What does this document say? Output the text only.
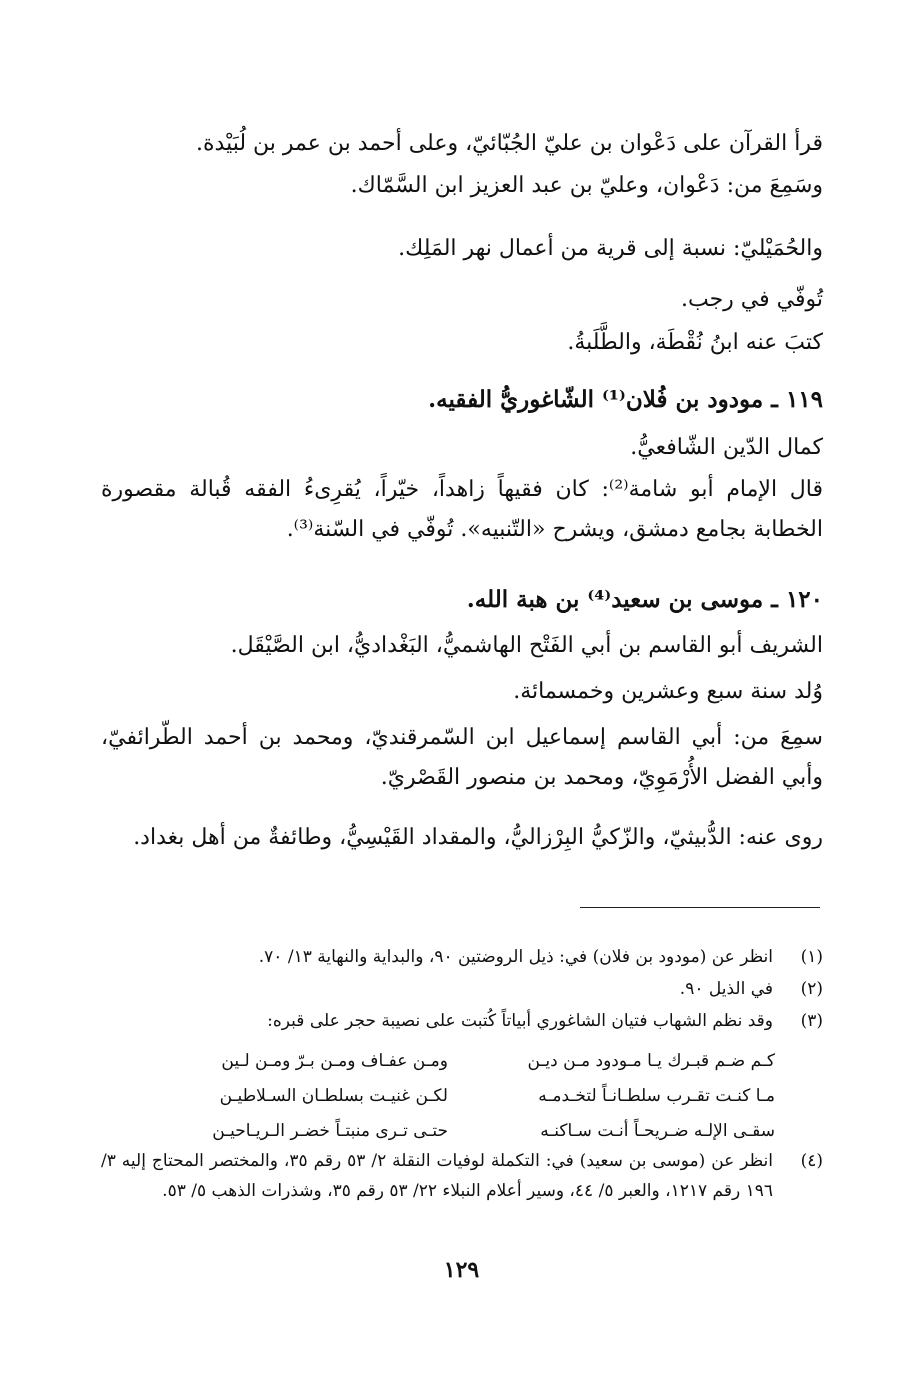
قرأ القرآن على دَعْوان بن عليّ الجُبّائيّ، وعلى أحمد بن عمر بن لُبَيْدة.
وسَمِعَ من: دَعْوان، وعليّ بن عبد العزيز ابن السَّمّاك.
والحُمَيْليّ: نسبة إلى قرية من أعمال نهر المَلِك.
تُوفّي في رجب.
كتبَ عنه ابنُ نُقْطَة، والطَّلَبةُ.
١١٩ ـ مودود بن فُلان⁽¹⁾ الشّاغوريُّ الفقيه.
كمال الدّين الشّافعيُّ.
قال الإمام أبو شامة⁽²⁾: كان فقيهاً زاهداً، خيّراً، يُقرِىءُ الفقه قُبالة مقصورة الخطابة بجامع دمشق، ويشرح «التّنبيه». تُوفّي في السّنة⁽³⁾.
١٢٠ ـ موسى بن سعيد⁽⁴⁾ بن هبة الله.
الشريف أبو القاسم بن أبي الفَتْح الهاشميُّ، البَغْداديُّ، ابن الصَّيْقَل.
وُلد سنة سبع وعشرين وخمسمائة.
سمِعَ من: أبي القاسم إسماعيل ابن السّمرقنديّ، ومحمد بن أحمد الطّرائفيّ، وأبي الفضل الأُرْمَوِيّ، ومحمد بن منصور القَصْريّ.
روى عنه: الدُّبيثيّ، والزّكيُّ البِرْزاليُّ، والمقداد القَيْسِيُّ، وطائفةٌ من أهل بغداد.
(١)
انظر عن (مودود بن فلان) في: ذيل الروضتين ٩٠، والبداية والنهاية ١٣/ ٧٠.
(٢)
في الذيل ٩٠.
(٣)
وقد نظم الشهاب فتيان الشاغوري أبياتاً كُتبت على نصيبة حجر على قبره:
كـم ضـم قبـرك يـا مـودود مـن ديـن
ومـن عفـاف ومـن بـرّ ومـن لـين
مـا كنـت تقـرب سلطـانـاً لتخـدمـه
لكـن غنيـت بسلطـان السـلاطيـن
سقـى الإلـه ضـريحـاً أنـت سـاكنـه
حتـى تـرى منبتـاً خضـر الـريـاحيـن
(٤)
انظر عن (موسى بن سعيد) في: التكملة لوفيات النقلة ٢/ ٥٣ رقم ٣٥، والمختصر المحتاج إليه ٣/ ١٩٦ رقم ١٢١٧، والعبر ٥/ ٤٤، وسير أعلام النبلاء ٢٢/ ٥٣ رقم ٣٥، وشذرات الذهب ٥/ ٥٣.
١٢٩
